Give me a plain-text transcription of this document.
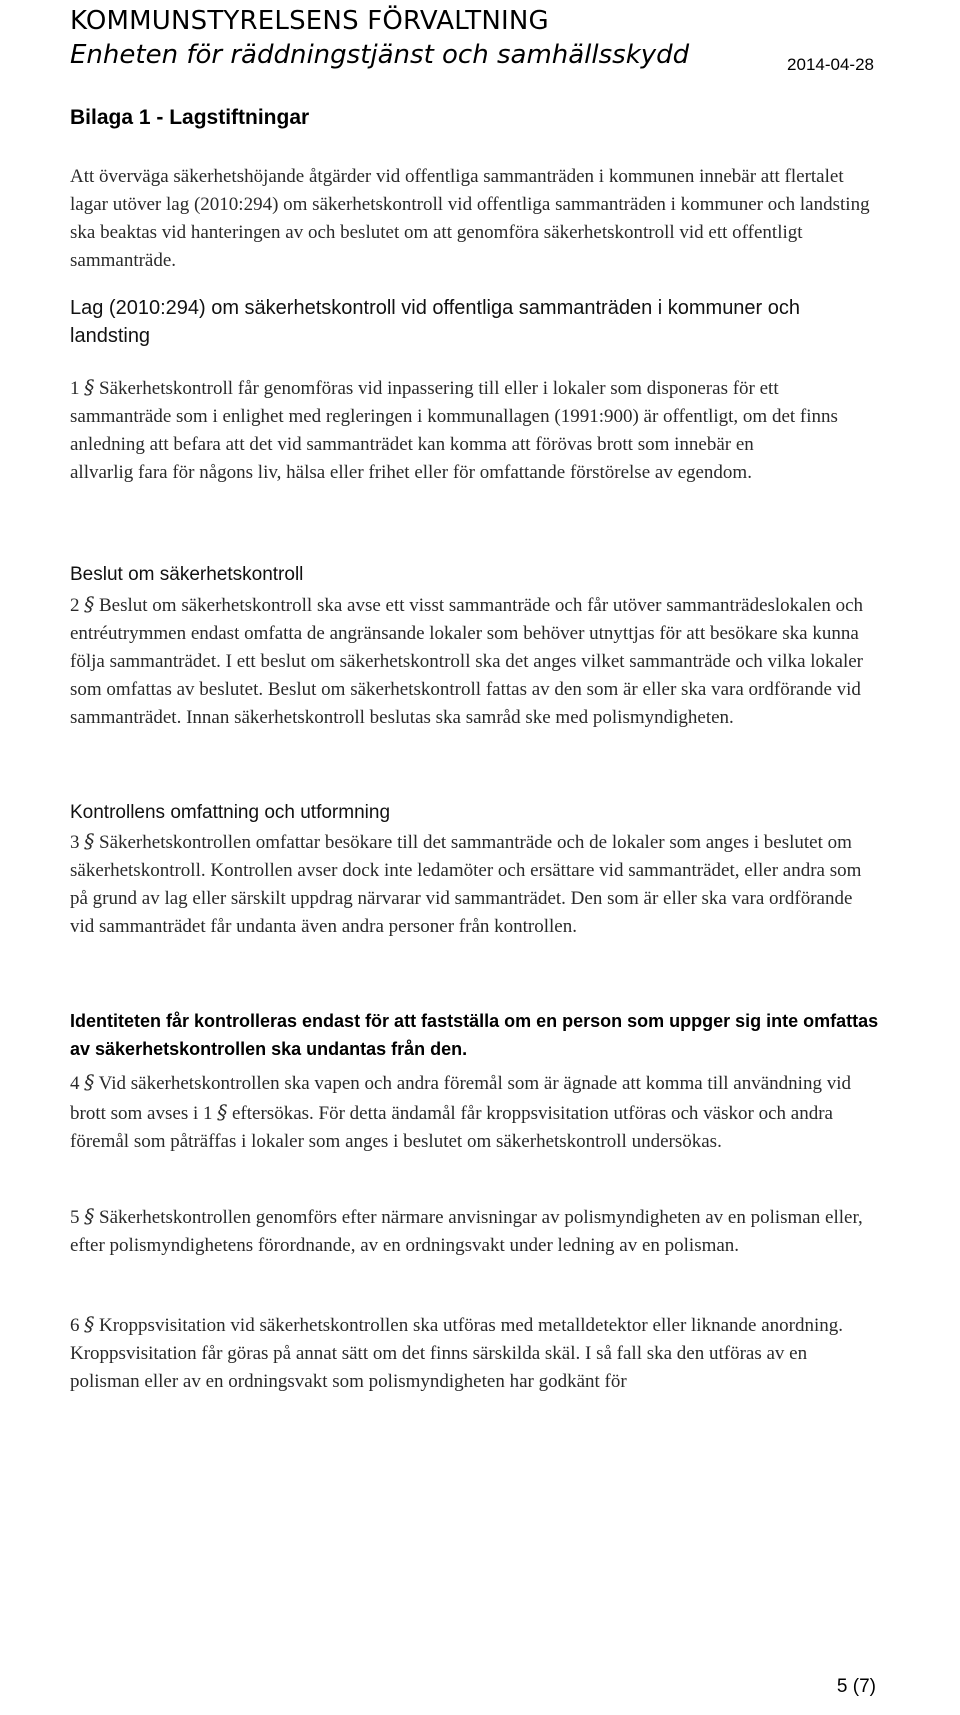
KOMMUNSTYRELSENS FÖRVALTNING
Enheten för räddningstjänst och samhällsskydd	2014-04-28
Bilaga 1 - Lagstiftningar

Att överväga säkerhetshöjande åtgärder vid offentliga sammanträden i kommunen innebär att flertalet lagar utöver lag (2010:294) om säkerhetskontroll vid offentliga sammanträden i kommuner och landsting ska beaktas vid hanteringen av och beslutet om att genomföra säkerhetskontroll vid ett offentligt sammanträde.

Lag (2010:294) om säkerhetskontroll vid offentliga sammanträden i kommuner och landsting

1 § Säkerhetskontroll får genomföras vid inpassering till eller i lokaler som disponeras för ett sammanträde som i enlighet med regleringen i kommunallagen (1991:900) är offentligt, om det finns anledning att befara att det vid sammanträdet kan komma att förövas brott som innebär en
allvarlig fara för någons liv, hälsa eller frihet eller för omfattande förstörelse av egendom.

Beslut om säkerhetskontroll

2 § Beslut om säkerhetskontroll ska avse ett visst sammanträde och får utöver sammanträdeslokalen och entréutrymmen endast omfatta de angränsande lokaler som behöver utnyttjas för att besökare ska kunna följa sammanträdet. I ett beslut om säkerhetskontroll ska det anges vilket sammanträde och vilka lokaler som omfattas av beslutet. Beslut om säkerhetskontroll fattas av den som är eller ska vara ordförande vid sammanträdet. Innan säkerhetskontroll beslutas ska samråd ske med polismyndigheten.

Kontrollens omfattning och utformning

3 § Säkerhetskontrollen omfattar besökare till det sammanträde och de lokaler som anges i beslutet om säkerhetskontroll. Kontrollen avser dock inte ledamöter och ersättare vid sammanträdet, eller andra som på grund av lag eller särskilt uppdrag närvarar vid sammanträdet. Den som är eller ska vara ordförande vid sammanträdet får undanta även andra personer från kontrollen.

Identiteten får kontrolleras endast för att fastställa om en person som uppger sig inte omfattas av säkerhetskontrollen ska undantas från den.

4 § Vid säkerhetskontrollen ska vapen och andra föremål som är ägnade att komma till användning vid brott som avses i 1 § eftersökas. För detta ändamål får kroppsvisitation utföras och väskor och andra föremål som påträffas i lokaler som anges i beslutet om säkerhetskontroll undersökas.

5 § Säkerhetskontrollen genomförs efter närmare anvisningar av polismyndigheten av en polisman eller, efter polismyndighetens förordnande, av en ordningsvakt under ledning av en polisman.

6 § Kroppsvisitation vid säkerhetskontrollen ska utföras med metalldetektor eller liknande anordning. Kroppsvisitation får göras på annat sätt om det finns särskilda skäl. I så fall ska den utföras av en polisman eller av en ordningsvakt som polismyndigheten har godkänt för

5 (7)
